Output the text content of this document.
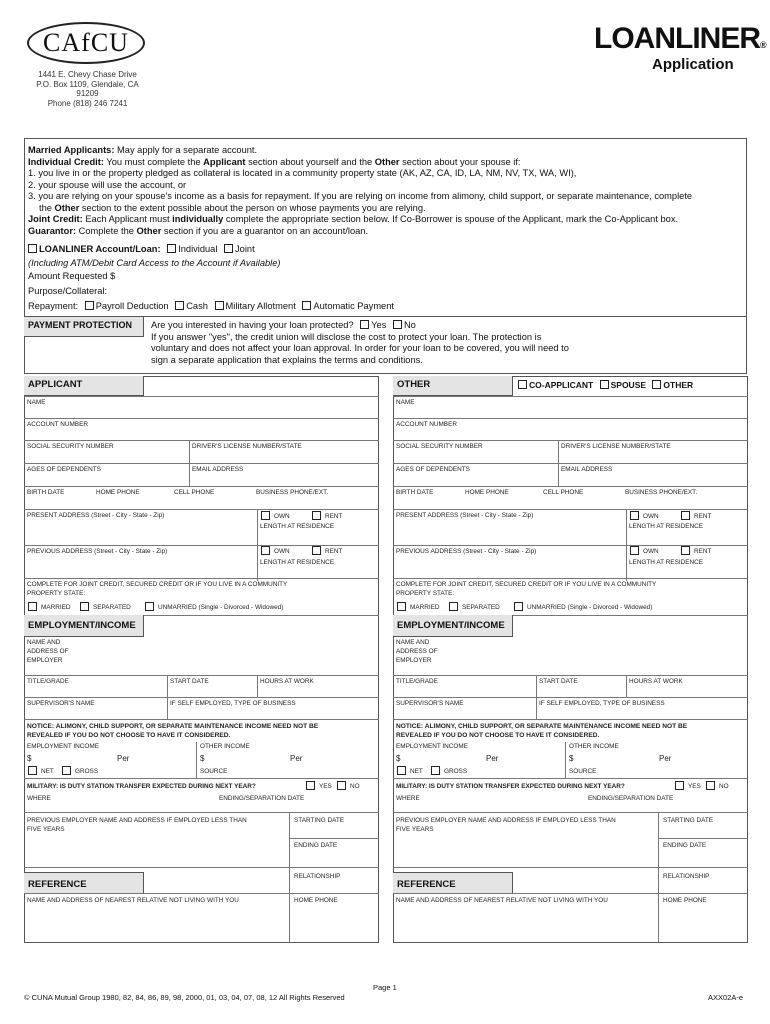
CAfCU
1441 E. Chevy Chase Drive
P.O. Box 1109, Glendale, CA 91209
Phone (818) 246 7241
LOANLINER®
Application
Married Applicants: May apply for a separate account.
Individual Credit: You must complete the Applicant section about yourself and the Other section about your spouse if:
1. you live in or the property pledged as collateral is located in a community property state (AK, AZ, CA, ID, LA, NM, NV, TX, WA, WI),
2. your spouse will use the account, or
3. you are relying on your spouse's income as a basis for repayment. If you are relying on income from alimony, child support, or separate maintenance, complete
the Other section to the extent possible about the person on whose payments you are relying.
Joint Credit: Each Applicant must individually complete the appropriate section below. If Co-Borrower is spouse of the Applicant, mark the Co-Applicant box.
Guarantor: Complete the Other section if you are a guarantor on an account/loan.
LOANLINER Account/Loan: Individual Joint
(Including ATM/Debit Card Access to the Account if Available)
Amount Requested $
Purpose/Collateral:
Repayment: Payroll Deduction Cash Military Allotment Automatic Payment
PAYMENT PROTECTION	Are you interested in having your loan protected? Yes No
If you answer "yes", the credit union will disclose the cost to protect your loan. The protection is
voluntary and does not affect your loan approval. In order for your loan to be covered, you will need to
sign a separate application that explains the terms and conditions.
APPLICANT	OTHER	CO-APPLICANT SPOUSE OTHER
NAME
ACCOUNT NUMBER
SOCIAL SECURITY NUMBER	DRIVER'S LICENSE NUMBER/STATE
AGES OF DEPENDENTS	EMAIL ADDRESS
BIRTH DATE	HOME PHONE	CELL PHONE	BUSINESS PHONE/EXT.
PRESENT ADDRESS (Street - City - State - Zip)	OWN	RENT
LENGTH AT RESIDENCE
PREVIOUS ADDRESS (Street - City - State - Zip)	OWN	RENT
LENGTH AT RESIDENCE
COMPLETE FOR JOINT CREDIT, SECURED CREDIT OR IF YOU LIVE IN A COMMUNITY
PROPERTY STATE:
MARRIED	SEPARATED	UNMARRIED (Single - Divorced - Widowed)
EMPLOYMENT/INCOME
NAME AND
ADDRESS OF
EMPLOYER
TITLE/GRADE	START DATE	HOURS AT WORK
SUPERVISOR'S NAME	IF SELF EMPLOYED, TYPE OF BUSINESS
NOTICE: ALIMONY, CHILD SUPPORT, OR SEPARATE MAINTENANCE INCOME NEED NOT BE
REVEALED IF YOU DO NOT CHOOSE TO HAVE IT CONSIDERED.
EMPLOYMENT INCOME	OTHER INCOME
$	Per	$	Per
NET	GROSS	SOURCE
MILITARY: IS DUTY STATION TRANSFER EXPECTED DURING NEXT YEAR?	YES	NO
WHERE	ENDING/SEPARATION DATE
PREVIOUS EMPLOYER NAME AND ADDRESS IF EMPLOYED LESS THAN
FIVE YEARS
STARTING DATE
ENDING DATE
REFERENCE
RELATIONSHIP
NAME AND ADDRESS OF NEAREST RELATIVE NOT LIVING WITH YOU	HOME PHONE
NAME
ACCOUNT NUMBER
SOCIAL SECURITY NUMBER	DRIVER'S LICENSE NUMBER/STATE
AGES OF DEPENDENTS	EMAIL ADDRESS
BIRTH DATE	HOME PHONE	CELL PHONE	BUSINESS PHONE/EXT.
PRESENT ADDRESS (Street - City - State - Zip)	OWN	RENT
LENGTH AT RESIDENCE
PREVIOUS ADDRESS (Street - City - State - Zip)	OWN	RENT
LENGTH AT RESIDENCE
COMPLETE FOR JOINT CREDIT, SECURED CREDIT OR IF YOU LIVE IN A COMMUNITY
PROPERTY STATE:
MARRIED	SEPARATED	UNMARRIED (Single - Divorced - Widowed)
EMPLOYMENT/INCOME
NAME AND
ADDRESS OF
EMPLOYER
TITLE/GRADE	START DATE	HOURS AT WORK
SUPERVISOR'S NAME	IF SELF EMPLOYED, TYPE OF BUSINESS
NOTICE: ALIMONY, CHILD SUPPORT, OR SEPARATE MAINTENANCE INCOME NEED NOT BE
REVEALED IF YOU DO NOT CHOOSE TO HAVE IT CONSIDERED.
EMPLOYMENT INCOME	OTHER INCOME
$	Per	$	Per
NET	GROSS	SOURCE
MILITARY: IS DUTY STATION TRANSFER EXPECTED DURING NEXT YEAR?	YES	NO
WHERE	ENDING/SEPARATION DATE
PREVIOUS EMPLOYER NAME AND ADDRESS IF EMPLOYED LESS THAN
FIVE YEARS
STARTING DATE
ENDING DATE
REFERENCE
RELATIONSHIP
NAME AND ADDRESS OF NEAREST RELATIVE NOT LIVING WITH YOU	HOME PHONE
Page 1
© CUNA Mutual Group 1980, 82, 84, 86, 89, 98, 2000, 01, 03, 04, 07, 08, 12 All Rights Reserved	AXX02A-e
